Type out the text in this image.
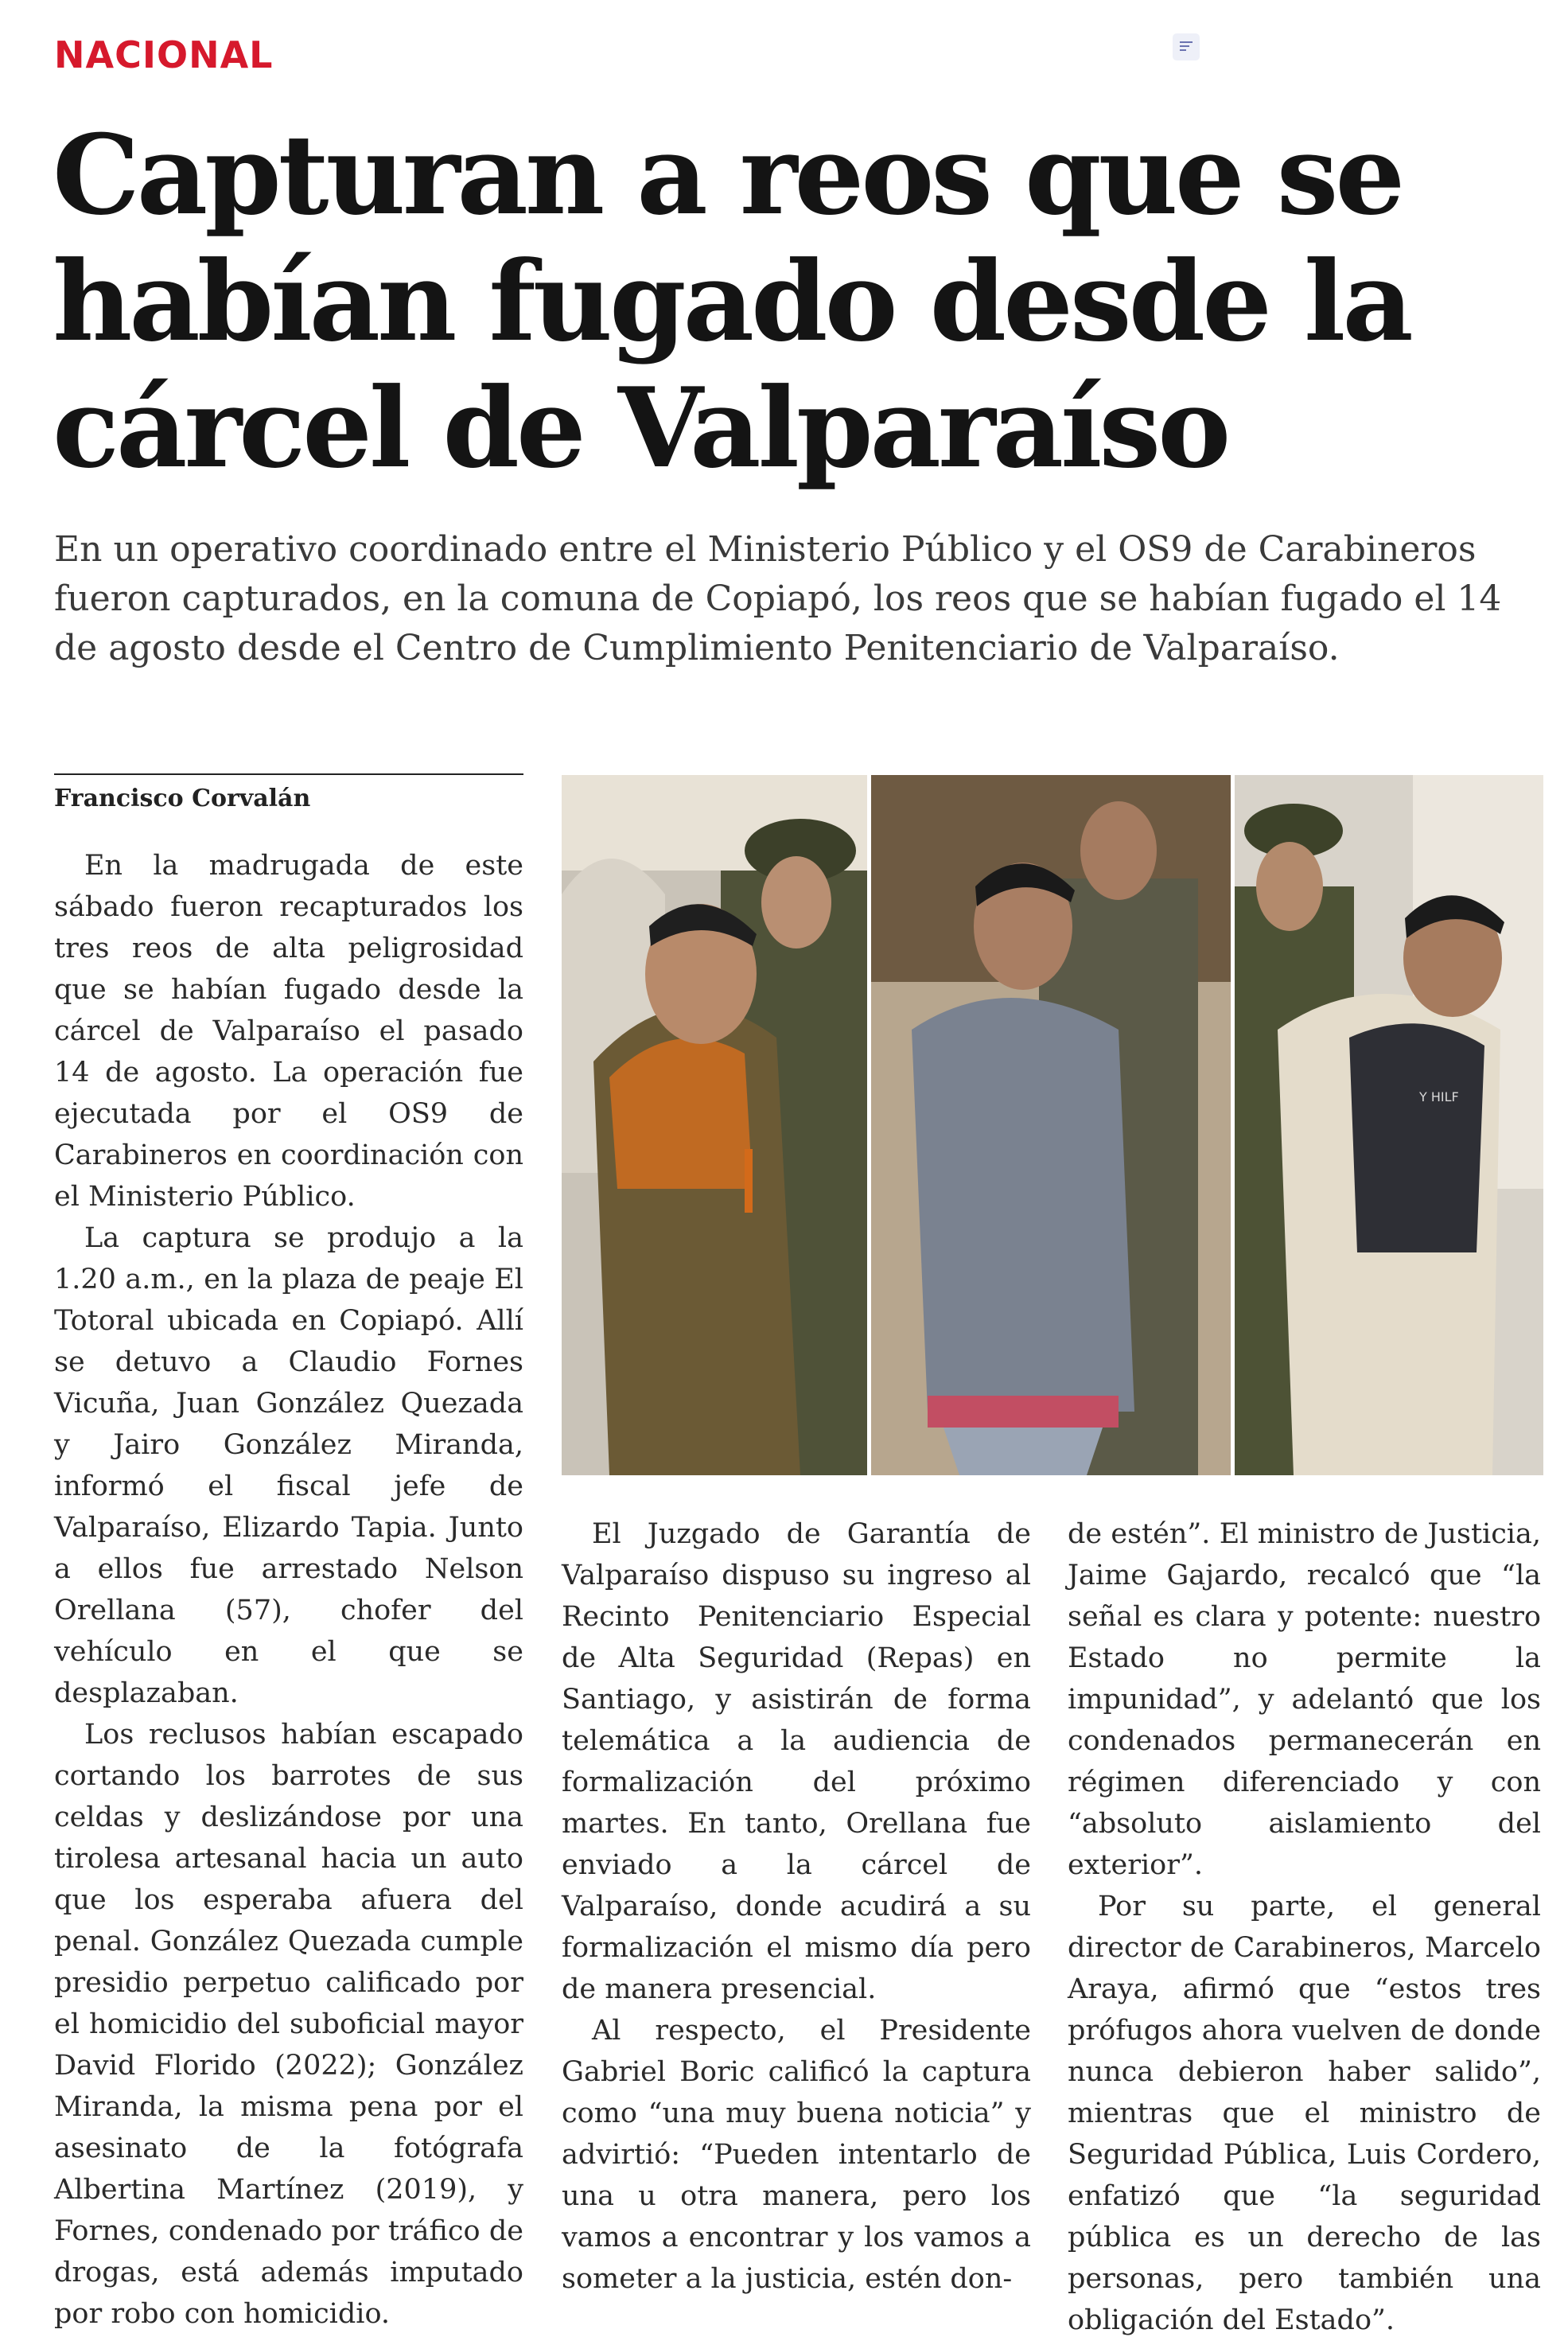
NACIONAL
Capturan a reos que se
habían fugado desde la
cárcel de Valparaíso

En un operativo coordinado entre el Ministerio Público y el OS9 de Carabineros
fueron capturados, en la comuna de Copiapó, los reos que se habían fugado el 14
de agosto desde el Centro de Cumplimiento Penitenciario de Valparaíso.

Francisco Corvalán

En la madrugada de este sábado fueron recapturados los tres reos de alta peligrosidad que se habían fugado desde la cárcel de Valparaíso el pasado 14 de agosto. La operación fue ejecutada por el OS9 de Carabineros en coordinación con el Ministerio Público.

La captura se produjo a la 1.20 a.m., en la plaza de peaje El Totoral ubicada en Copiapó. Allí se detuvo a Claudio Fornes Vicuña, Juan González Quezada y Jairo González Miranda, informó el fiscal jefe de Valparaíso, Elizardo Tapia. Junto a ellos fue arrestado Nelson Orellana (57), chofer del vehículo en el que se desplazaban.

Los reclusos habían escapado cortando los barrotes de sus celdas y deslizándose por una tirolesa artesanal hacia un auto que los esperaba afuera del penal. González Quezada cumple presidio perpetuo calificado por el homicidio del suboficial mayor David Florido (2022); González Miranda, la misma pena por el asesinato de la fotógrafa Albertina Martínez (2019), y Fornes, condenado por tráfico de drogas, está además imputado por robo con homicidio.

Y HILF

El Juzgado de Garantía de Valparaíso dispuso su ingreso al Recinto Penitenciario Especial de Alta Seguridad (Repas) en Santiago, y asistirán de forma telemática a la audiencia de formalización del próximo martes. En tanto, Orellana fue enviado a la cárcel de Valparaíso, donde acudirá a su formalización el mismo día pero de manera presencial.

Al respecto, el Presidente Gabriel Boric calificó la captura como “una muy buena noticia” y advirtió: “Pueden intentarlo de una u otra manera, pero los vamos a encontrar y los vamos a someter a la justicia, estén don-

de estén”. El ministro de Justicia, Jaime Gajardo, recalcó que “la señal es clara y potente: nuestro Estado no permite la impunidad”, y adelantó que los condenados permanecerán en régimen diferenciado y con “absoluto aislamiento del exterior”.

Por su parte, el general director de Carabineros, Marcelo Araya, afirmó que “estos tres prófugos ahora vuelven de donde nunca debieron haber salido”, mientras que el ministro de Seguridad Pública, Luis Cordero, enfatizó que “la seguridad pública es un derecho de las personas, pero también una obligación del Estado”.
